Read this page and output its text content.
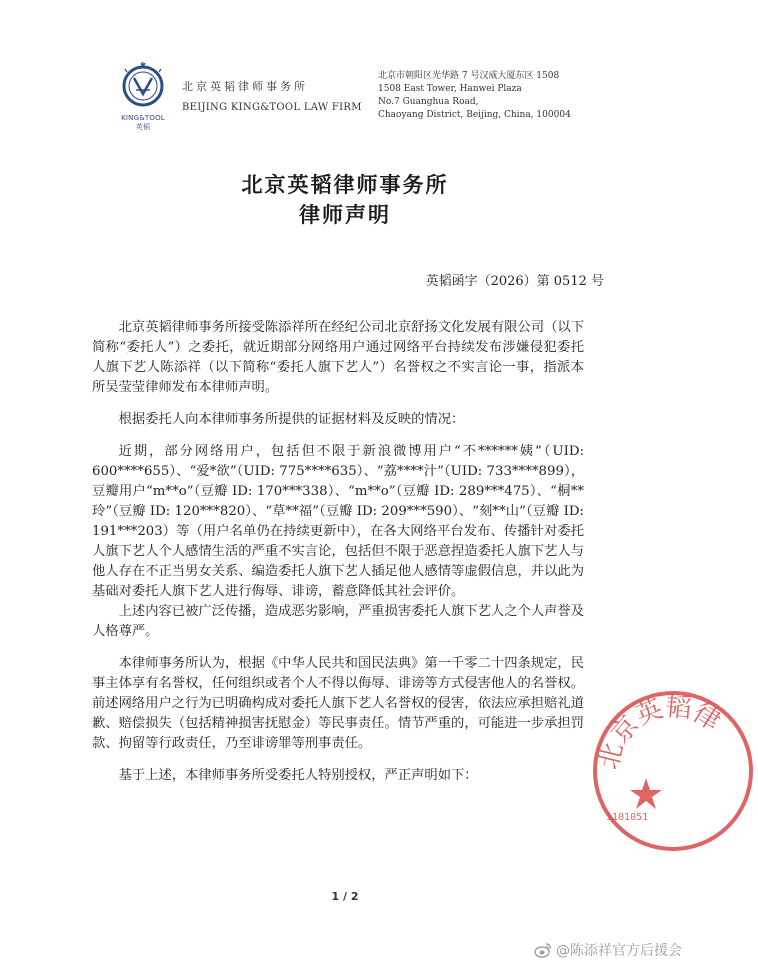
KING&TOOL
英韬
北京英韬律师事务所
BEIJING KING&TOOL LAW FIRM
北京市朝阳区光华路 7 号汉威大厦东区 1508
1508 East Tower, Hanwei Plaza
No.7 Guanghua Road,
Chaoyang District, Beijing, China, 100004
北京英韬律师事务所
律师声明
英韬函字（2026）第 0512 号

北京英韬律师事务所接受陈添祥所在经纪公司北京舒扬文化发展有限公司（以下简称“委托人”）之委托，就近期部分网络用户通过网络平台持续发布涉嫌侵犯委托人旗下艺人陈添祥（以下简称“委托人旗下艺人”）名誉权之不实言论一事，指派本所吴莹莹律师发布本律师声明。

根据委托人向本律师事务所提供的证据材料及反映的情况：

近期，部分网络用户，包括但不限于新浪微博用户“不******姨”（UID: 600****655）、“爱*欲”（UID: 775****635）、“荔****汁”（UID: 733****899），豆瓣用户“m**o”（豆瓣 ID: 170***338）、“m**o”（豆瓣 ID: 289***475）、“桐**玲”（豆瓣 ID: 120***820）、“草**福”（豆瓣 ID: 209***590）、“刻**山”（豆瓣 ID: 191***203）等（用户名单仍在持续更新中），在各大网络平台发布、传播针对委托人旗下艺人个人感情生活的严重不实言论，包括但不限于恶意捏造委托人旗下艺人与他人存在不正当男女关系、编造委托人旗下艺人插足他人感情等虚假信息，并以此为基础对委托人旗下艺人进行侮辱、诽谤，蓄意降低其社会评价。

上述内容已被广泛传播，造成恶劣影响，严重损害委托人旗下艺人之个人声誉及人格尊严。

本律师事务所认为，根据《中华人民共和国民法典》第一千零二十四条规定，民事主体享有名誉权，任何组织或者个人不得以侮辱、诽谤等方式侵害他人的名誉权。前述网络用户之行为已明确构成对委托人旗下艺人名誉权的侵害，依法应承担赔礼道歉、赔偿损失（包括精神损害抚慰金）等民事责任。情节严重的，可能进一步承担罚款、拘留等行政责任，乃至诽谤罪等刑事责任。

基于上述，本律师事务所受委托人特别授权，严正声明如下：

北京英韬律
1101051
1 / 2
@陈添祥官方后援会
